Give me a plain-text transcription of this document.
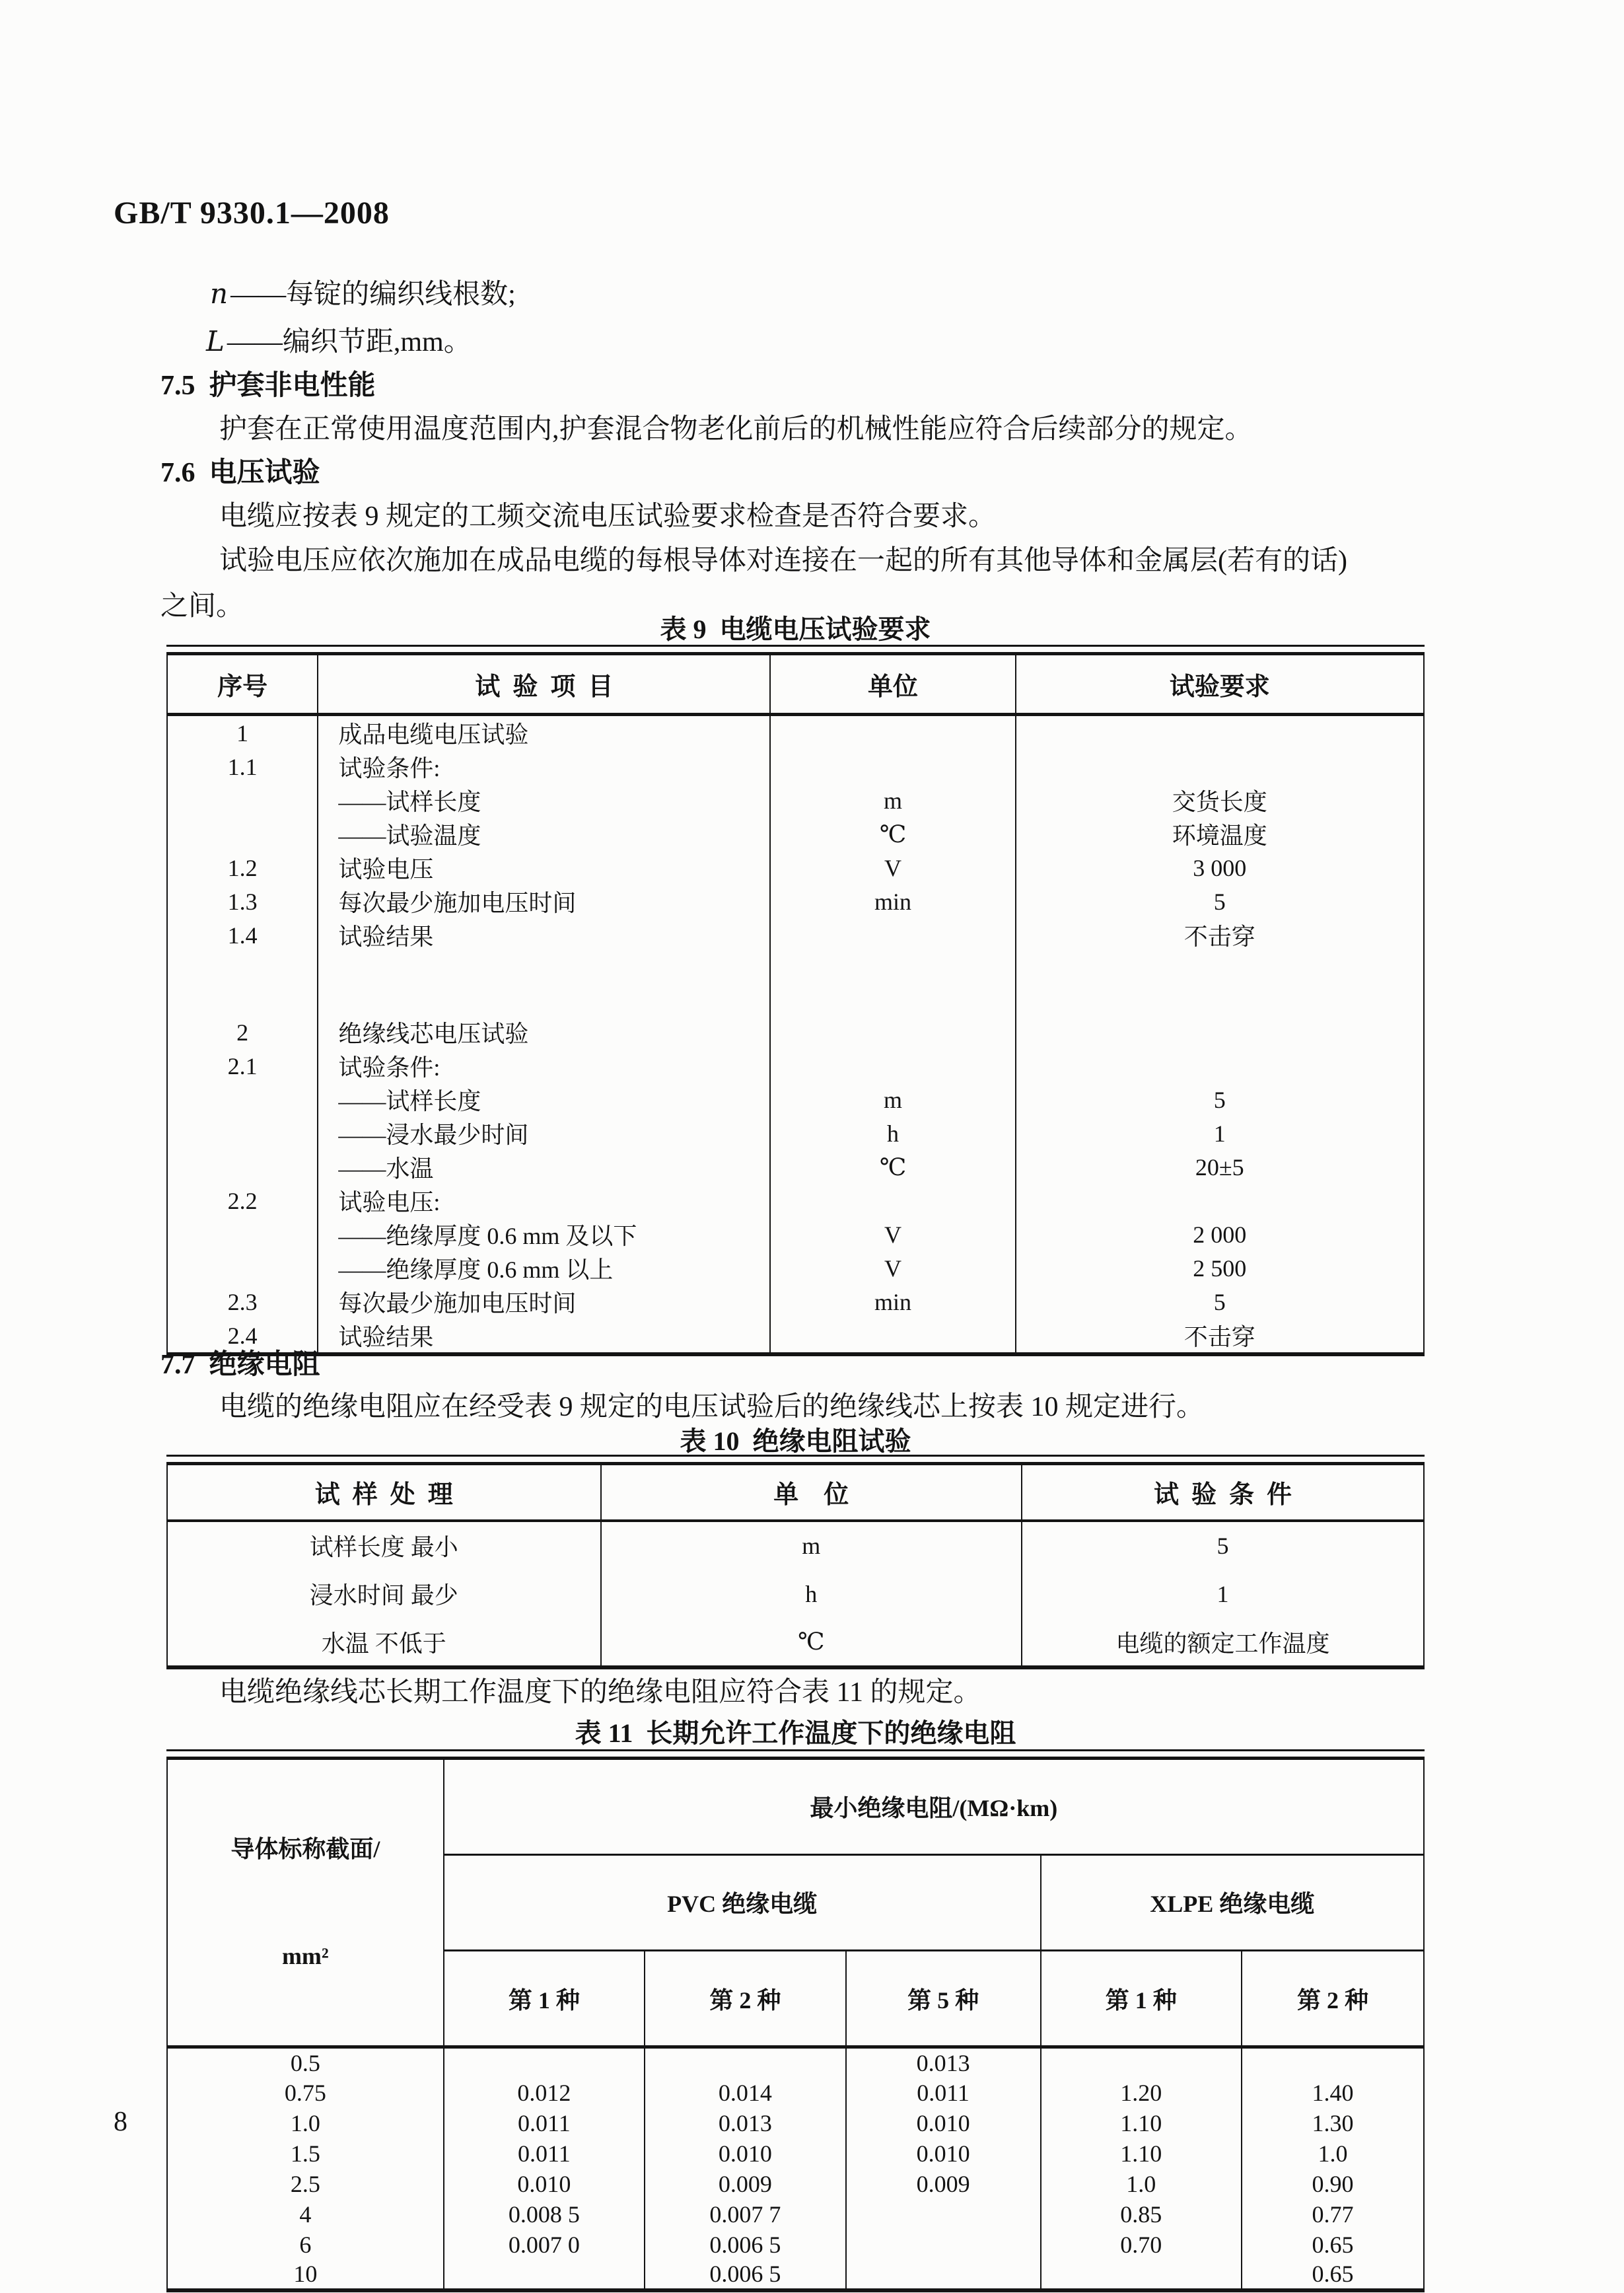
GB/T 9330.1—2008
n——每锭的编织线根数;
L——编织节距,mm。
7.5  护套非电性能
护套在正常使用温度范围内,护套混合物老化前后的机械性能应符合后续部分的规定。
7.6  电压试验
电缆应按表 9 规定的工频交流电压试验要求检查是否符合要求。
试验电压应依次施加在成品电缆的每根导体对连接在一起的所有其他导体和金属层(若有的话)
之间。
表 9  电缆电压试验要求
序号	试  验  项  目	单位	试验要求
1	成品电缆电压试验		
1.1	试验条件:		
	——试样长度	m	交货长度
	——试验温度	℃	环境温度
1.2	试验电压	V	3 000
1.3	每次最少施加电压时间	min	5
1.4	试验结果		不击穿

2	绝缘线芯电压试验		
2.1	试验条件:		
	——试样长度	m	5
	——浸水最少时间	h	1
	——水温	℃	20±5
2.2	试验电压:		
	——绝缘厚度 0.6 mm 及以下	V	2 000
	——绝缘厚度 0.6 mm 以上	V	2 500
2.3	每次最少施加电压时间	min	5
2.4	试验结果		不击穿
7.7  绝缘电阻
电缆的绝缘电阻应在经受表 9 规定的电压试验后的绝缘线芯上按表 10 规定进行。
表 10  绝缘电阻试验
试  样  处  理	单    位	试  验  条  件
试样长度 最小	m	5
浸水时间 最少	h	1
水温 不低于	℃	电缆的额定工作温度
电缆绝缘线芯长期工作温度下的绝缘电阻应符合表 11 的规定。
表 11  长期允许工作温度下的绝缘电阻

导体标称截面/

mm²	最小绝缘电阻/(MΩ·km)				
	PVC 绝缘电缆			XLPE 绝缘电缆	
	第 1 种	第 2 种	第 5 种	第 1 种	第 2 种
0.5			0.013		
0.75	0.012	0.014	0.011	1.20	1.40
1.0	0.011	0.013	0.010	1.10	1.30
1.5	0.011	0.010	0.010	1.10	1.0
2.5	0.010	0.009	0.009	1.0	0.90
4	0.008 5	0.007 7		0.85	0.77
6	0.007 0	0.006 5		0.70	0.65
10		0.006 5			0.65
8
